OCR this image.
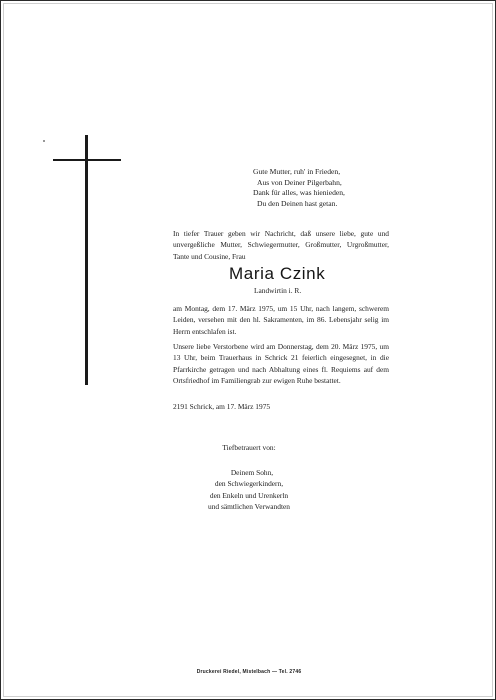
Gute Mutter, ruh' in Frieden,
Aus von Deiner Pilgerbahn,
Dank für alles, was hienieden,
Du den Deinen hast getan.
In tiefer Trauer geben wir Nachricht, daß unsere liebe, gute und unvergeßliche Mutter, Schwiegermutter, Großmutter, Urgroßmutter, Tante und Cousine, Frau
Maria Czink
Landwirtin i. R.
am Montag, dem 17. März 1975, um 15 Uhr, nach langem, schwerem Leiden, versehen mit den hl. Sakramenten, im 86. Lebensjahr selig im Herrn entschlafen ist.
Unsere liebe Verstorbene wird am Donnerstag, dem 20. März 1975, um 13 Uhr, beim Trauerhaus in Schrick 21 feierlich eingesegnet, in die Pfarrkirche getragen und nach Abhaltung eines fl. Requiems auf dem Ortsfriedhof im Familiengrab zur ewigen Ruhe bestattet.
2191 Schrick, am 17. März 1975
Tiefbetrauert von:
Deinem Sohn,
den Schwiegerkindern,
den Enkeln und Urenkerln
und sämtlichen Verwandten
Druckerei Riedel, Mistelbach — Tel. 2746
